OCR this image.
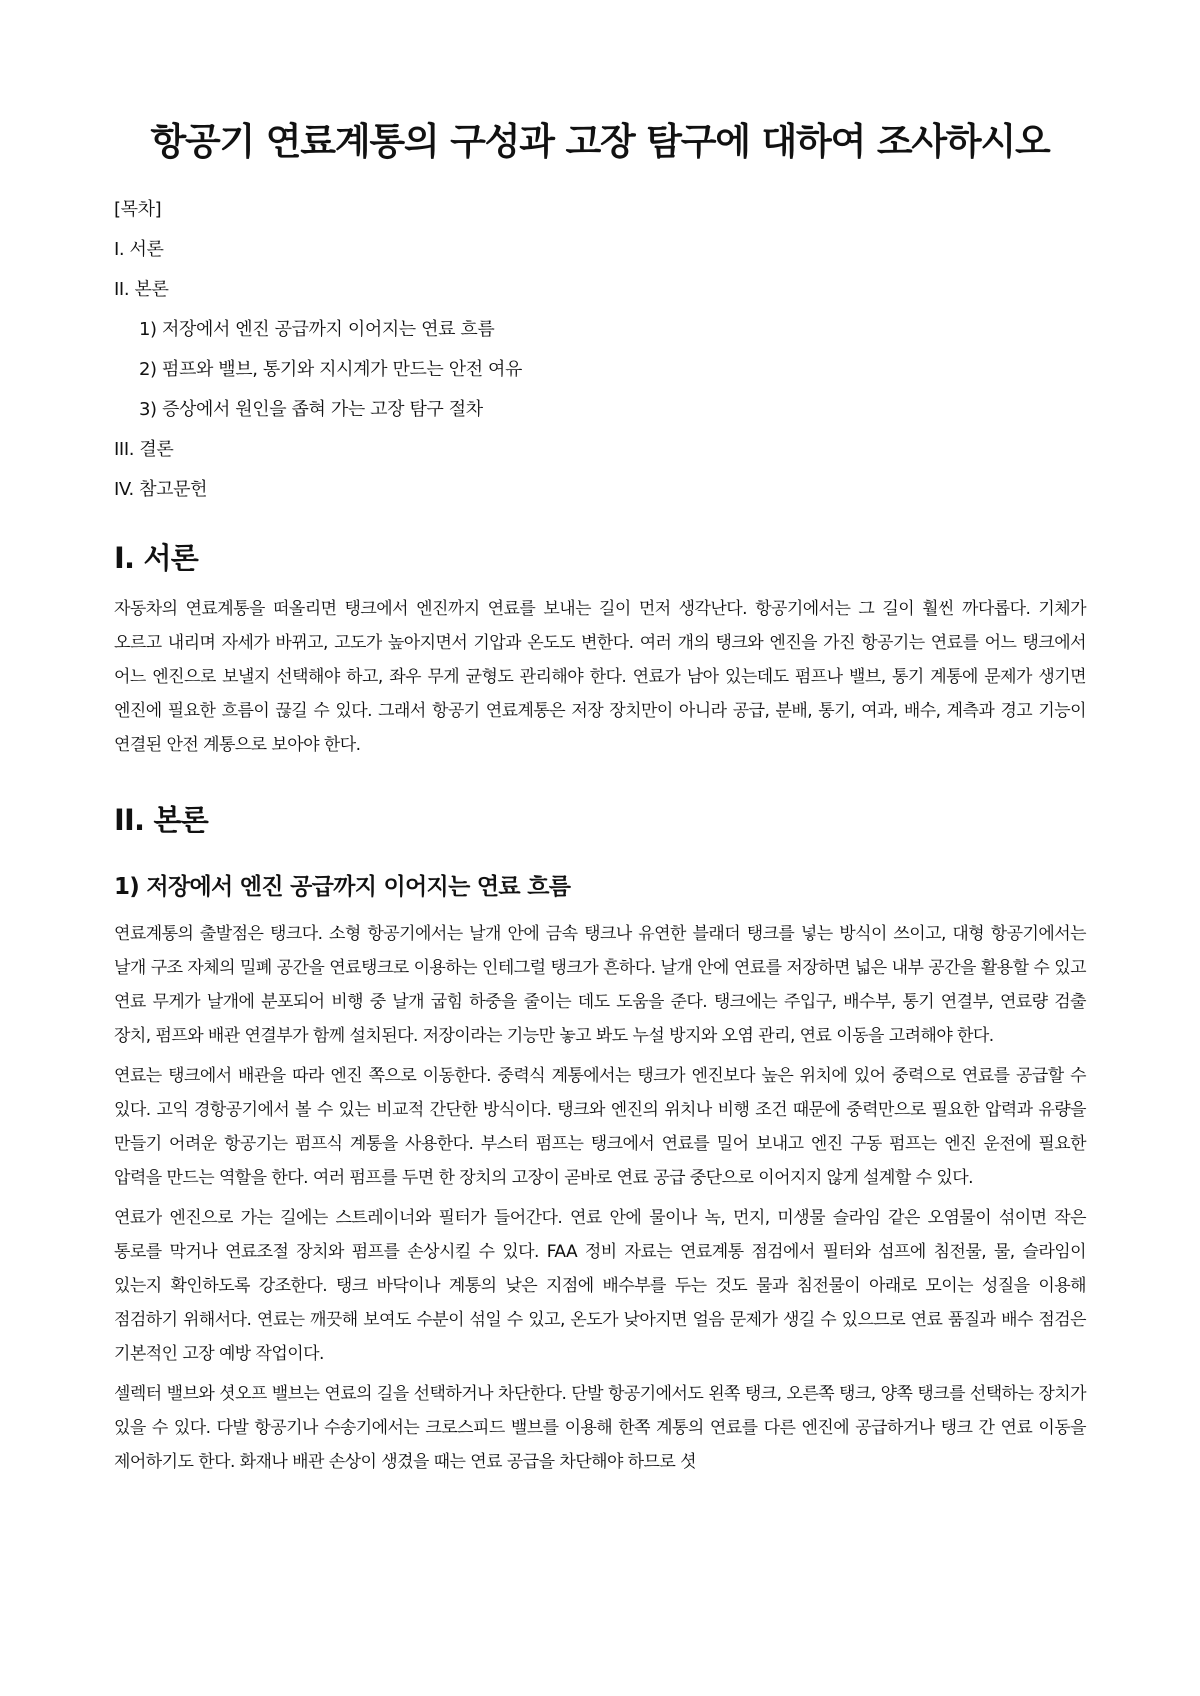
항공기 연료계통의 구성과 고장 탐구에 대하여 조사하시오
[목차]
I. 서론
II. 본론
1) 저장에서 엔진 공급까지 이어지는 연료 흐름
2) 펌프와 밸브, 통기와 지시계가 만드는 안전 여유
3) 증상에서 원인을 좁혀 가는 고장 탐구 절차
III. 결론
IV. 참고문헌
I. 서론

자동차의 연료계통을 떠올리면 탱크에서 엔진까지 연료를 보내는 길이 먼저 생각난다. 항공기에서는 그 길이 훨씬 까다롭다. 기체가 오르고 내리며 자세가 바뀌고, 고도가 높아지면서 기압과 온도도 변한다. 여러 개의 탱크와 엔진을 가진 항공기는 연료를 어느 탱크에서 어느 엔진으로 보낼지 선택해야 하고, 좌우 무게 균형도 관리해야 한다. 연료가 남아 있는데도 펌프나 밸브, 통기 계통에 문제가 생기면 엔진에 필요한 흐름이 끊길 수 있다. 그래서 항공기 연료계통은 저장 장치만이 아니라 공급, 분배, 통기, 여과, 배수, 계측과 경고 기능이 연결된 안전 계통으로 보아야 한다.

II. 본론
1) 저장에서 엔진 공급까지 이어지는 연료 흐름

연료계통의 출발점은 탱크다. 소형 항공기에서는 날개 안에 금속 탱크나 유연한 블래더 탱크를 넣는 방식이 쓰이고, 대형 항공기에서는 날개 구조 자체의 밀폐 공간을 연료탱크로 이용하는 인테그럴 탱크가 흔하다. 날개 안에 연료를 저장하면 넓은 내부 공간을 활용할 수 있고 연료 무게가 날개에 분포되어 비행 중 날개 굽힘 하중을 줄이는 데도 도움을 준다. 탱크에는 주입구, 배수부, 통기 연결부, 연료량 검출 장치, 펌프와 배관 연결부가 함께 설치된다. 저장이라는 기능만 놓고 봐도 누설 방지와 오염 관리, 연료 이동을 고려해야 한다.

연료는 탱크에서 배관을 따라 엔진 쪽으로 이동한다. 중력식 계통에서는 탱크가 엔진보다 높은 위치에 있어 중력으로 연료를 공급할 수 있다. 고익 경항공기에서 볼 수 있는 비교적 간단한 방식이다. 탱크와 엔진의 위치나 비행 조건 때문에 중력만으로 필요한 압력과 유량을 만들기 어려운 항공기는 펌프식 계통을 사용한다. 부스터 펌프는 탱크에서 연료를 밀어 보내고 엔진 구동 펌프는 엔진 운전에 필요한 압력을 만드는 역할을 한다. 여러 펌프를 두면 한 장치의 고장이 곧바로 연료 공급 중단으로 이어지지 않게 설계할 수 있다.

연료가 엔진으로 가는 길에는 스트레이너와 필터가 들어간다. 연료 안에 물이나 녹, 먼지, 미생물 슬라임 같은 오염물이 섞이면 작은 통로를 막거나 연료조절 장치와 펌프를 손상시킬 수 있다. FAA 정비 자료는 연료계통 점검에서 필터와 섬프에 침전물, 물, 슬라임이 있는지 확인하도록 강조한다. 탱크 바닥이나 계통의 낮은 지점에 배수부를 두는 것도 물과 침전물이 아래로 모이는 성질을 이용해 점검하기 위해서다. 연료는 깨끗해 보여도 수분이 섞일 수 있고, 온도가 낮아지면 얼음 문제가 생길 수 있으므로 연료 품질과 배수 점검은 기본적인 고장 예방 작업이다.

셀렉터 밸브와 셧오프 밸브는 연료의 길을 선택하거나 차단한다. 단발 항공기에서도 왼쪽 탱크, 오른쪽 탱크, 양쪽 탱크를 선택하는 장치가 있을 수 있다. 다발 항공기나 수송기에서는 크로스피드 밸브를 이용해 한쪽 계통의 연료를 다른 엔진에 공급하거나 탱크 간 연료 이동을 제어하기도 한다. 화재나 배관 손상이 생겼을 때는 연료 공급을 차단해야 하므로 셧
